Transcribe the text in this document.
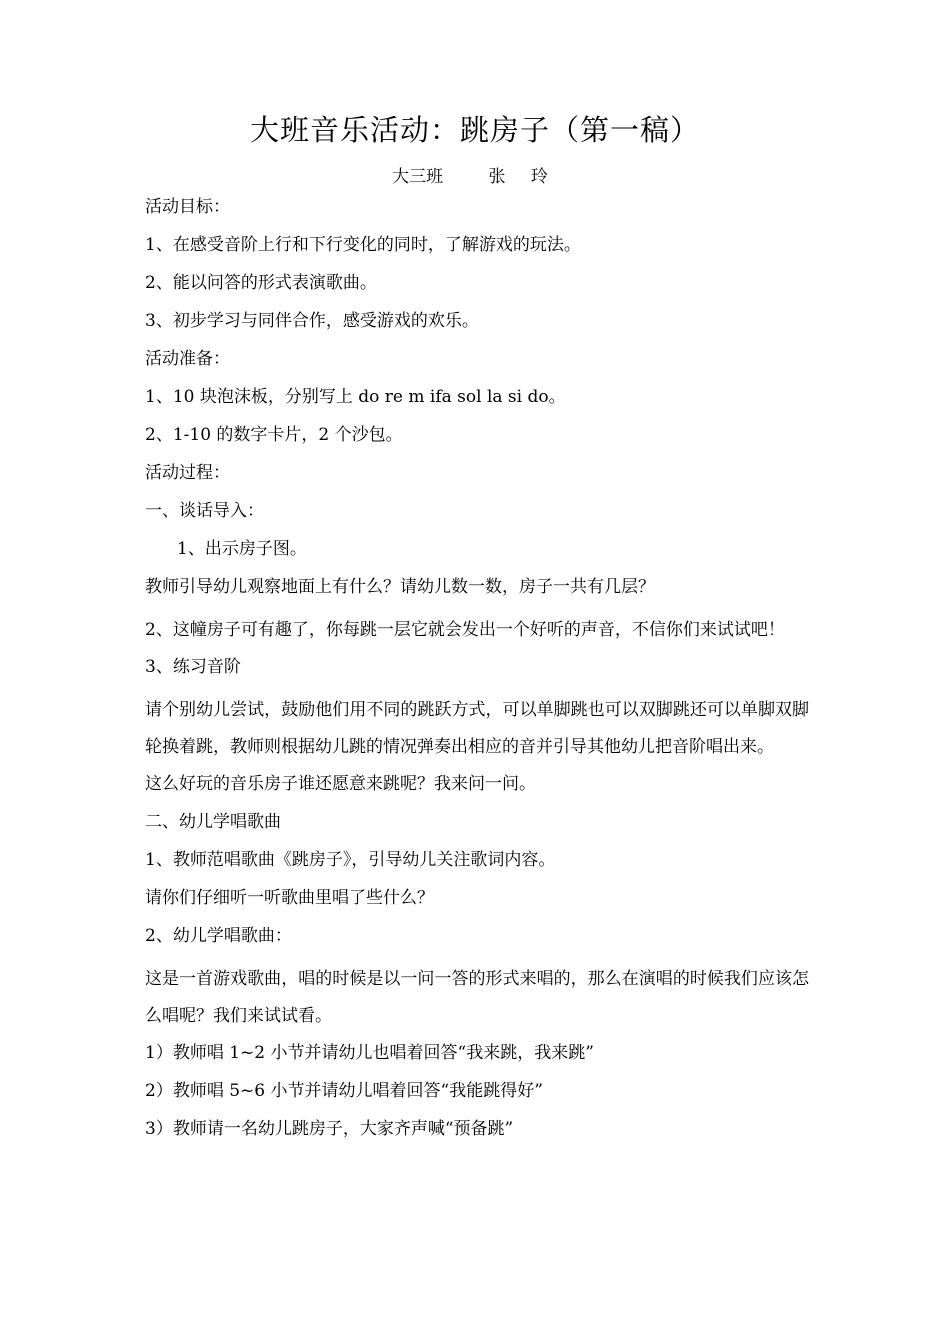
大班音乐活动：跳房子（第一稿）
大三班	张 玲
活动目标：
1、在感受音阶上行和下行变化的同时，了解游戏的玩法。
2、能以问答的形式表演歌曲。
3、初步学习与同伴合作，感受游戏的欢乐。
活动准备：
1、10 块泡沫板，分别写上 do re m ifa sol la si do。
2、1-10 的数字卡片，2 个沙包。
活动过程：
一、谈话导入：
1、出示房子图。
教师引导幼儿观察地面上有什么？请幼儿数一数，房子一共有几层？
2、这幢房子可有趣了，你每跳一层它就会发出一个好听的声音，不信你们来试试吧！
3、练习音阶
请个别幼儿尝试，鼓励他们用不同的跳跃方式，可以单脚跳也可以双脚跳还可以单脚双脚轮换着跳，教师则根据幼儿跳的情况弹奏出相应的音并引导其他幼儿把音阶唱出来。
这么好玩的音乐房子谁还愿意来跳呢？我来问一问。
二、幼儿学唱歌曲
1、教师范唱歌曲《跳房子》，引导幼儿关注歌词内容。
请你们仔细听一听歌曲里唱了些什么？
2、幼儿学唱歌曲：
这是一首游戏歌曲，唱的时候是以一问一答的形式来唱的，那么在演唱的时候我们应该怎么唱呢？我们来试试看。
1）教师唱 1~2 小节并请幼儿也唱着回答“我来跳，我来跳”
2）教师唱 5~6 小节并请幼儿唱着回答“我能跳得好”
3）教师请一名幼儿跳房子，大家齐声喊“预备跳”
